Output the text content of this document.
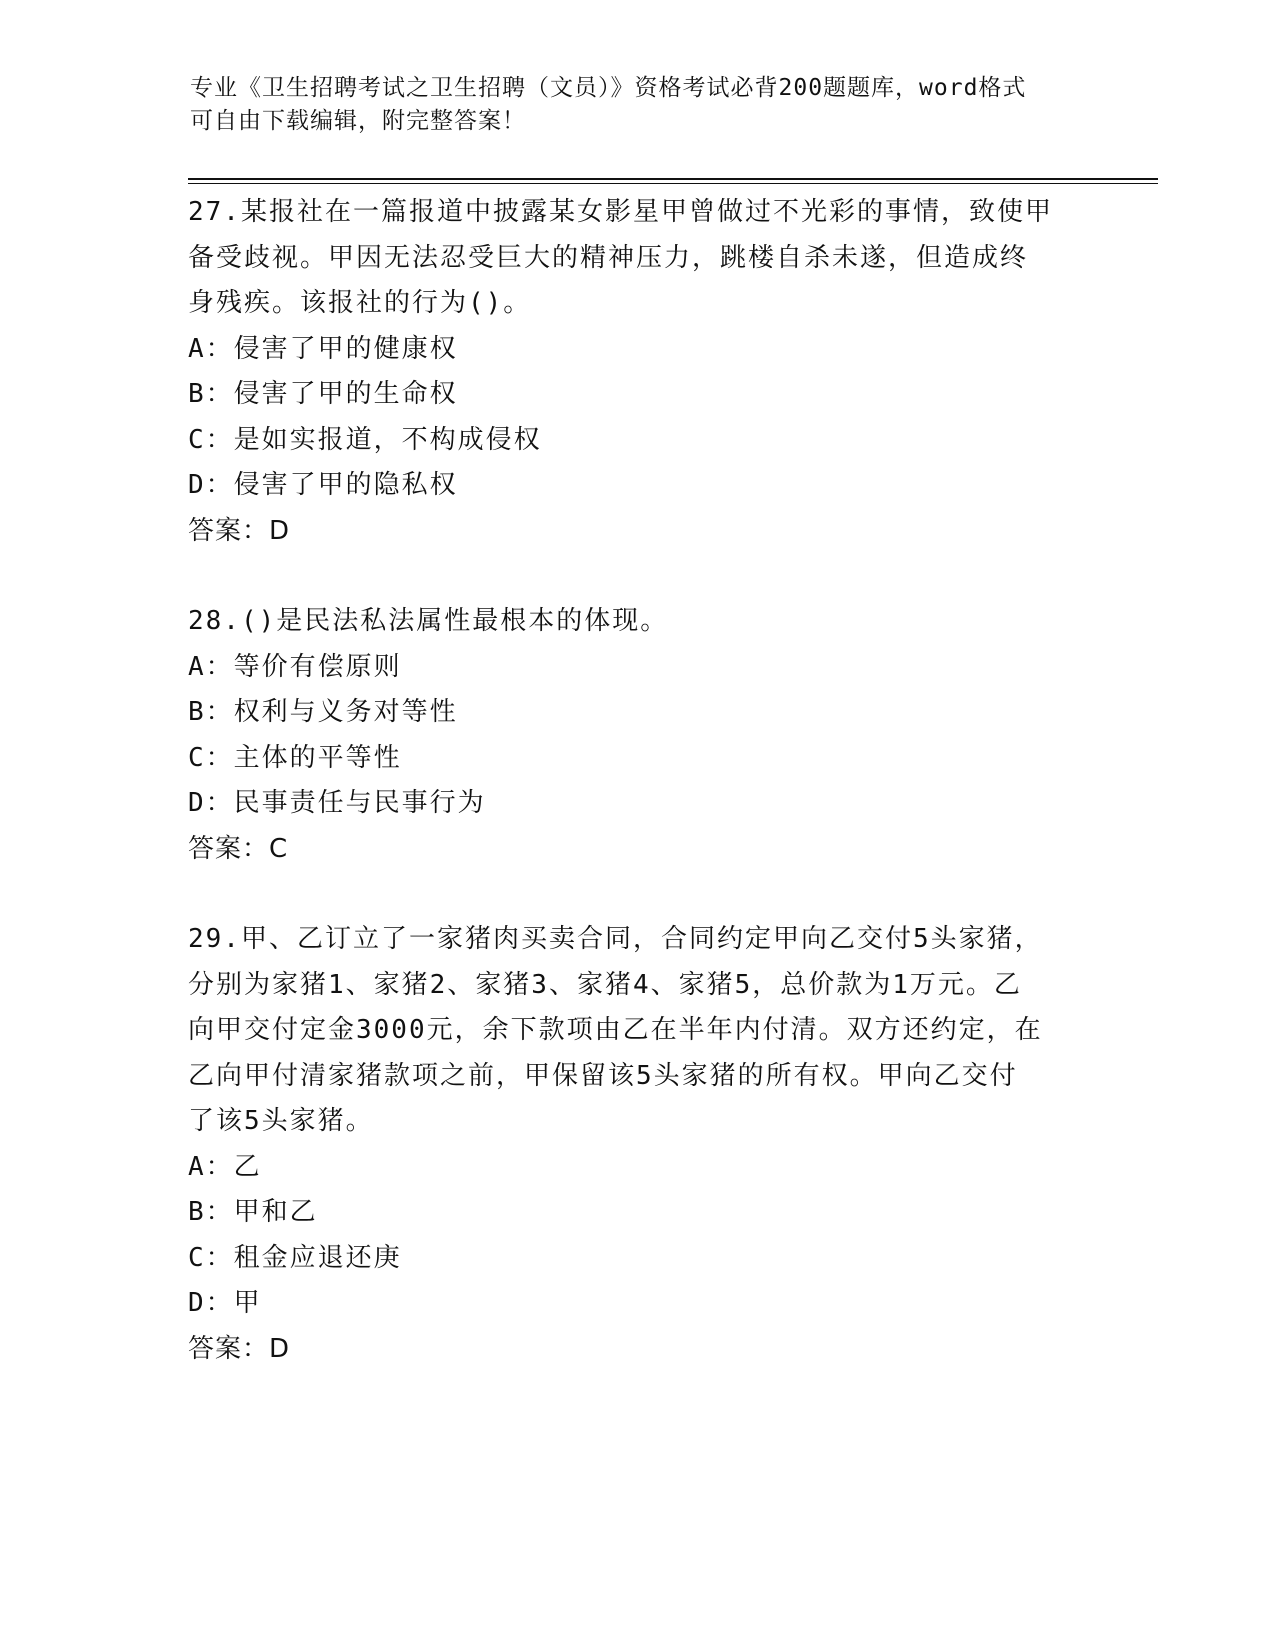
专业《卫生招聘考试之卫生招聘（文员）》资格考试必背200题题库，word格式
可自由下载编辑，附完整答案！

27.某报社在一篇报道中披露某女影星甲曾做过不光彩的事情，致使甲
备受歧视。甲因无法忍受巨大的精神压力，跳楼自杀未遂，但造成终
身残疾。该报社的行为()。

A：侵害了甲的健康权

B：侵害了甲的生命权

C：是如实报道，不构成侵权

D：侵害了甲的隐私权

答案：D

28.()是民法私法属性最根本的体现。

A：等价有偿原则

B：权利与义务对等性

C：主体的平等性

D：民事责任与民事行为

答案：C

29.甲、乙订立了一家猪肉买卖合同，合同约定甲向乙交付5头家猪，
分别为家猪1、家猪2、家猪3、家猪4、家猪5，总价款为1万元。乙
向甲交付定金3000元，余下款项由乙在半年内付清。双方还约定，在
乙向甲付清家猪款项之前，甲保留该5头家猪的所有权。甲向乙交付
了该5头家猪。

A：乙

B：甲和乙

C：租金应退还庚

D：甲

答案：D
